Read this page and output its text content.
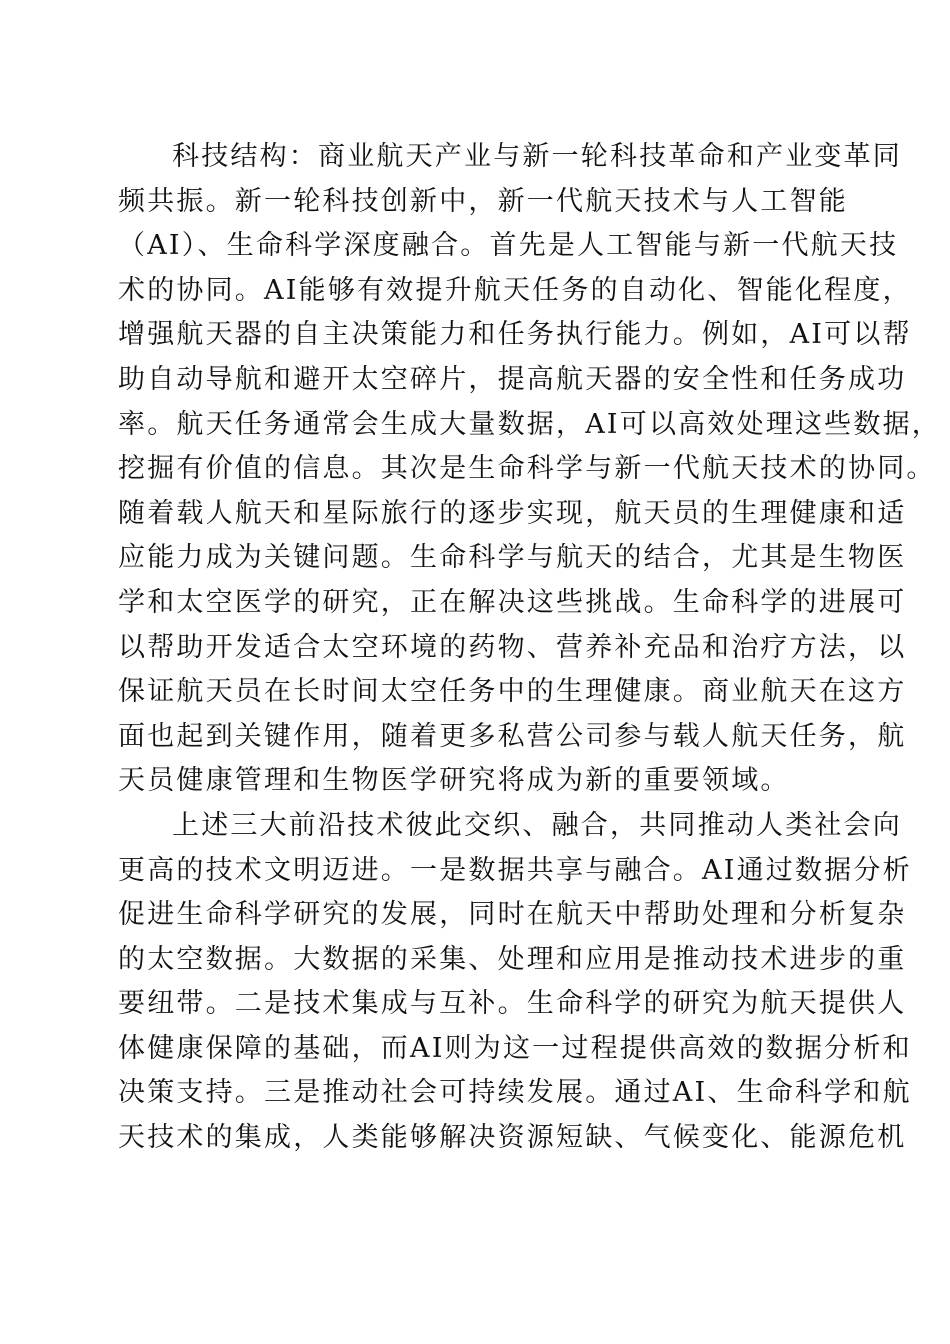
科技结构：商业航天产业与新一轮科技革命和产业变革同
频共振。新一轮科技创新中，新一代航天技术与人工智能
（AI）、生命科学深度融合。首先是人工智能与新一代航天技
术的协同。AI能够有效提升航天任务的自动化、智能化程度，
增强航天器的自主决策能力和任务执行能力。例如，AI可以帮
助自动导航和避开太空碎片，提高航天器的安全性和任务成功
率。航天任务通常会生成大量数据，AI可以高效处理这些数据，
挖掘有价值的信息。其次是生命科学与新一代航天技术的协同。
随着载人航天和星际旅行的逐步实现，航天员的生理健康和适
应能力成为关键问题。生命科学与航天的结合，尤其是生物医
学和太空医学的研究，正在解决这些挑战。生命科学的进展可
以帮助开发适合太空环境的药物、营养补充品和治疗方法，以
保证航天员在长时间太空任务中的生理健康。商业航天在这方
面也起到关键作用，随着更多私营公司参与载人航天任务，航
天员健康管理和生物医学研究将成为新的重要领域。
上述三大前沿技术彼此交织、融合，共同推动人类社会向
更高的技术文明迈进。一是数据共享与融合。AI通过数据分析
促进生命科学研究的发展，同时在航天中帮助处理和分析复杂
的太空数据。大数据的采集、处理和应用是推动技术进步的重
要纽带。二是技术集成与互补。生命科学的研究为航天提供人
体健康保障的基础，而AI则为这一过程提供高效的数据分析和
决策支持。三是推动社会可持续发展。通过AI、生命科学和航
天技术的集成，人类能够解决资源短缺、气候变化、能源危机
